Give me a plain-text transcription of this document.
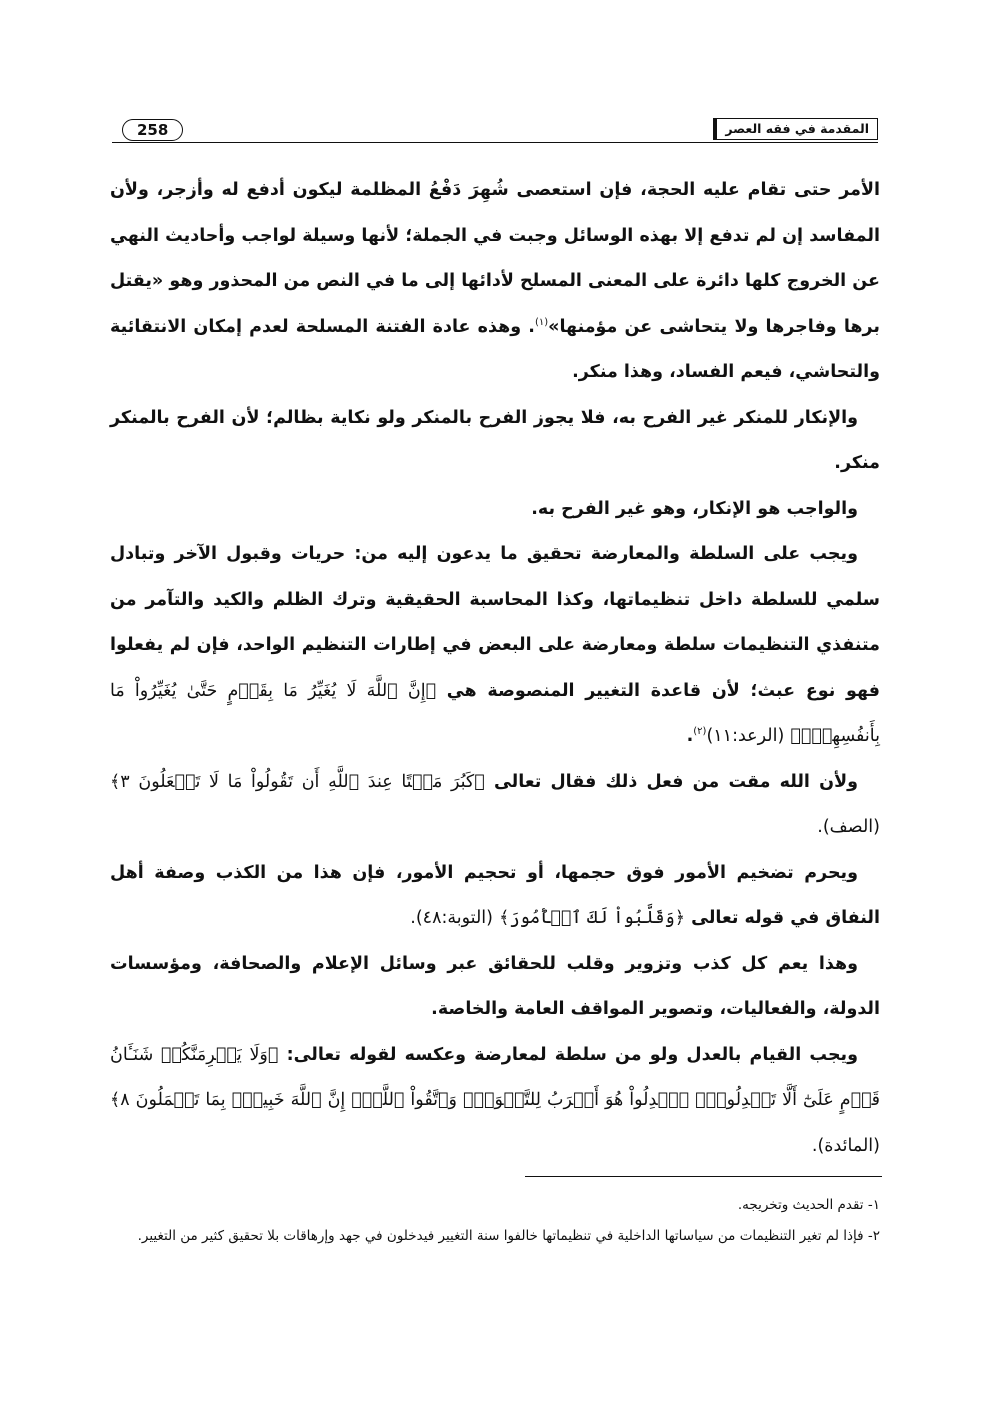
المقدمة في فقه العصر
258

الأمر حتى تقام عليه الحجة، فإن استعصى شُهِرَ دَفْعُ المظلمة ليكون أدفع له وأزجر، ولأن المفاسد إن لم تدفع إلا بهذه الوسائل وجبت في الجملة؛ لأنها وسيلة لواجب وأحاديث النهي عن الخروج كلها دائرة على المعنى المسلح لأدائها إلى ما في النص من المحذور وهو «يقتل برها وفاجرها ولا يتحاشى عن مؤمنها»$^{(١)}$. وهذه عادة الفتنة المسلحة لعدم إمكان الانتقائية والتحاشي، فيعم الفساد، وهذا منكر.

والإنكار للمنكر غير الفرح به، فلا يجوز الفرح بالمنكر ولو نكاية بظالم؛ لأن الفرح بالمنكر منكر.

والواجب هو الإنكار، وهو غير الفرح به.

ويجب على السلطة والمعارضة تحقيق ما يدعون إليه من: حريات وقبول الآخر وتبادل سلمي للسلطة داخل تنظيماتها، وكذا المحاسبة الحقيقية وترك الظلم والكيد والتآمر من متنفذي التنظيمات سلطة ومعارضة على البعض في إطارات التنظيم الواحد، فإن لم يفعلوا فهو نوع عبث؛ لأن قاعدة التغيير المنصوصة هي ﴿إِنَّ ٱللَّهَ لَا يُغَيِّرُ مَا بِقَوۡمٍ حَتَّىٰ يُغَيِّرُواْ مَا بِأَنفُسِهِمۡۗ﴾ (الرعد:١١)$^{(٢)}$.

ولأن الله مقت من فعل ذلك فقال تعالى ﴿كَبُرَ مَقۡتًا عِندَ ٱللَّهِ أَن تَقُولُواْ مَا لَا تَفۡعَلُونَ ٣﴾ (الصف).

ويحرم تضخيم الأمور فوق حجمها، أو تحجيم الأمور، فإن هذا من الكذب وصفة أهل النفاق في قوله تعالى ﴿وَقَلَّبُواْ لَكَ ٱلۡأُمُورَ﴾ (التوبة:٤٨).

وهذا يعم كل كذب وتزوير وقلب للحقائق عبر وسائل الإعلام والصحافة، ومؤسسات الدولة، والفعاليات، وتصوير المواقف العامة والخاصة.

ويجب القيام بالعدل ولو من سلطة لمعارضة وعكسه لقوله تعالى: ﴿وَلَا يَجۡرِمَنَّكُمۡ شَنَـَٔانُ قَوۡمٍ عَلَىٰٓ أَلَّا تَعۡدِلُواْۚ ٱعۡدِلُواْ هُوَ أَقۡرَبُ لِلتَّقۡوَىٰۖ وَٱتَّقُواْ ٱللَّهَۚ إِنَّ ٱللَّهَ خَبِيرُۢ بِمَا تَعۡمَلُونَ ٨﴾ (المائدة).

١- تقدم الحديث وتخريجه.

٢- فإذا لم تغير التنظيمات من سياساتها الداخلية في تنظيماتها خالفوا سنة التغيير فيدخلون في جهد وإرهاقات بلا تحقيق كثير من التغيير.
